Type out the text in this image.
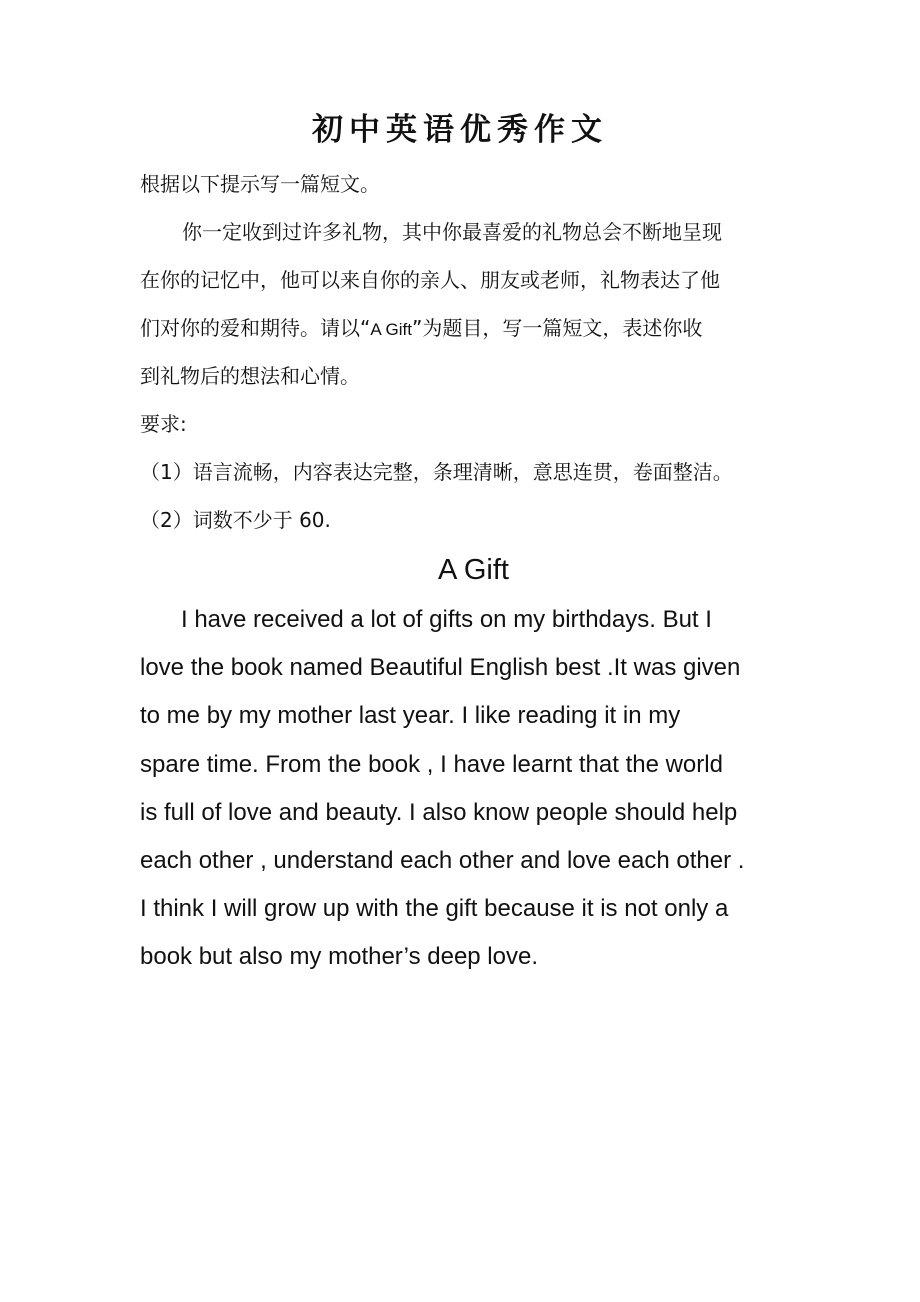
初中英语优秀作文
根据以下提示写一篇短文。
你一定收到过许多礼物，其中你最喜爱的礼物总会不断地呈现
在你的记忆中，他可以来自你的亲人、朋友或老师，礼物表达了他
们对你的爱和期待。请以“A Gift”为题目，写一篇短文，表述你收
到礼物后的想法和心情。
要求:
（1）语言流畅，内容表达完整，条理清晰，意思连贯，卷面整洁。
（2）词数不少于 60.
A Gift
I have received a lot of gifts on my birthdays. But I
love the book named Beautiful English best .It was given
to me by my mother last year. I like reading it in my
spare time. From the book , I have learnt that the world
is full of love and beauty. I also know people should help
each other , understand each other and love each other .
I think I will grow up with the gift because it is not only a
book but also my mother’s deep love.
